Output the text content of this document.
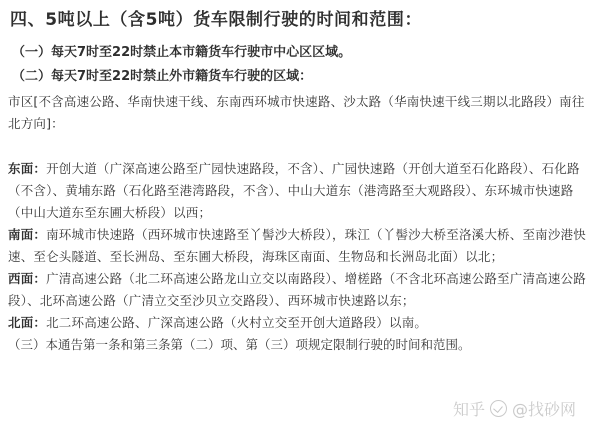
四、5吨以上（含5吨）货车限制行驶的时间和范围：
（一）每天7时至22时禁止本市籍货车行驶市中心区区域。
（二）每天7时至22时禁止外市籍货车行驶的区域：

市区[不含高速公路、华南快速干线、东南西环城市快速路、沙太路（华南快速干线三期以北路段）南往北方向]：

东面：开创大道（广深高速公路至广园快速路段，不含）、广园快速路（开创大道至石化路段）、石化路（不含）、黄埔东路（石化路至港湾路段，不含）、中山大道东（港湾路至大观路段）、东环城市快速路（中山大道东至东圃大桥段）以西；

南面：南环城市快速路（西环城市快速路至丫髻沙大桥段），珠江（丫髻沙大桥至洛溪大桥、至南沙港快速、至仑头隧道、至长洲岛、至东圃大桥段，海珠区南面、生物岛和长洲岛北面）以北；

西面：广清高速公路（北二环高速公路龙山立交以南路段）、增槎路（不含北环高速公路至广清高速公路段）、北环高速公路（广清立交至沙贝立交路段）、西环城市快速路以东；

北面：北二环高速公路、广深高速公路（火村立交至开创大道路段）以南。

（三）本通告第一条和第三条第（二）项、第（三）项规定限制行驶的时间和范围。

知乎 @找砂网
